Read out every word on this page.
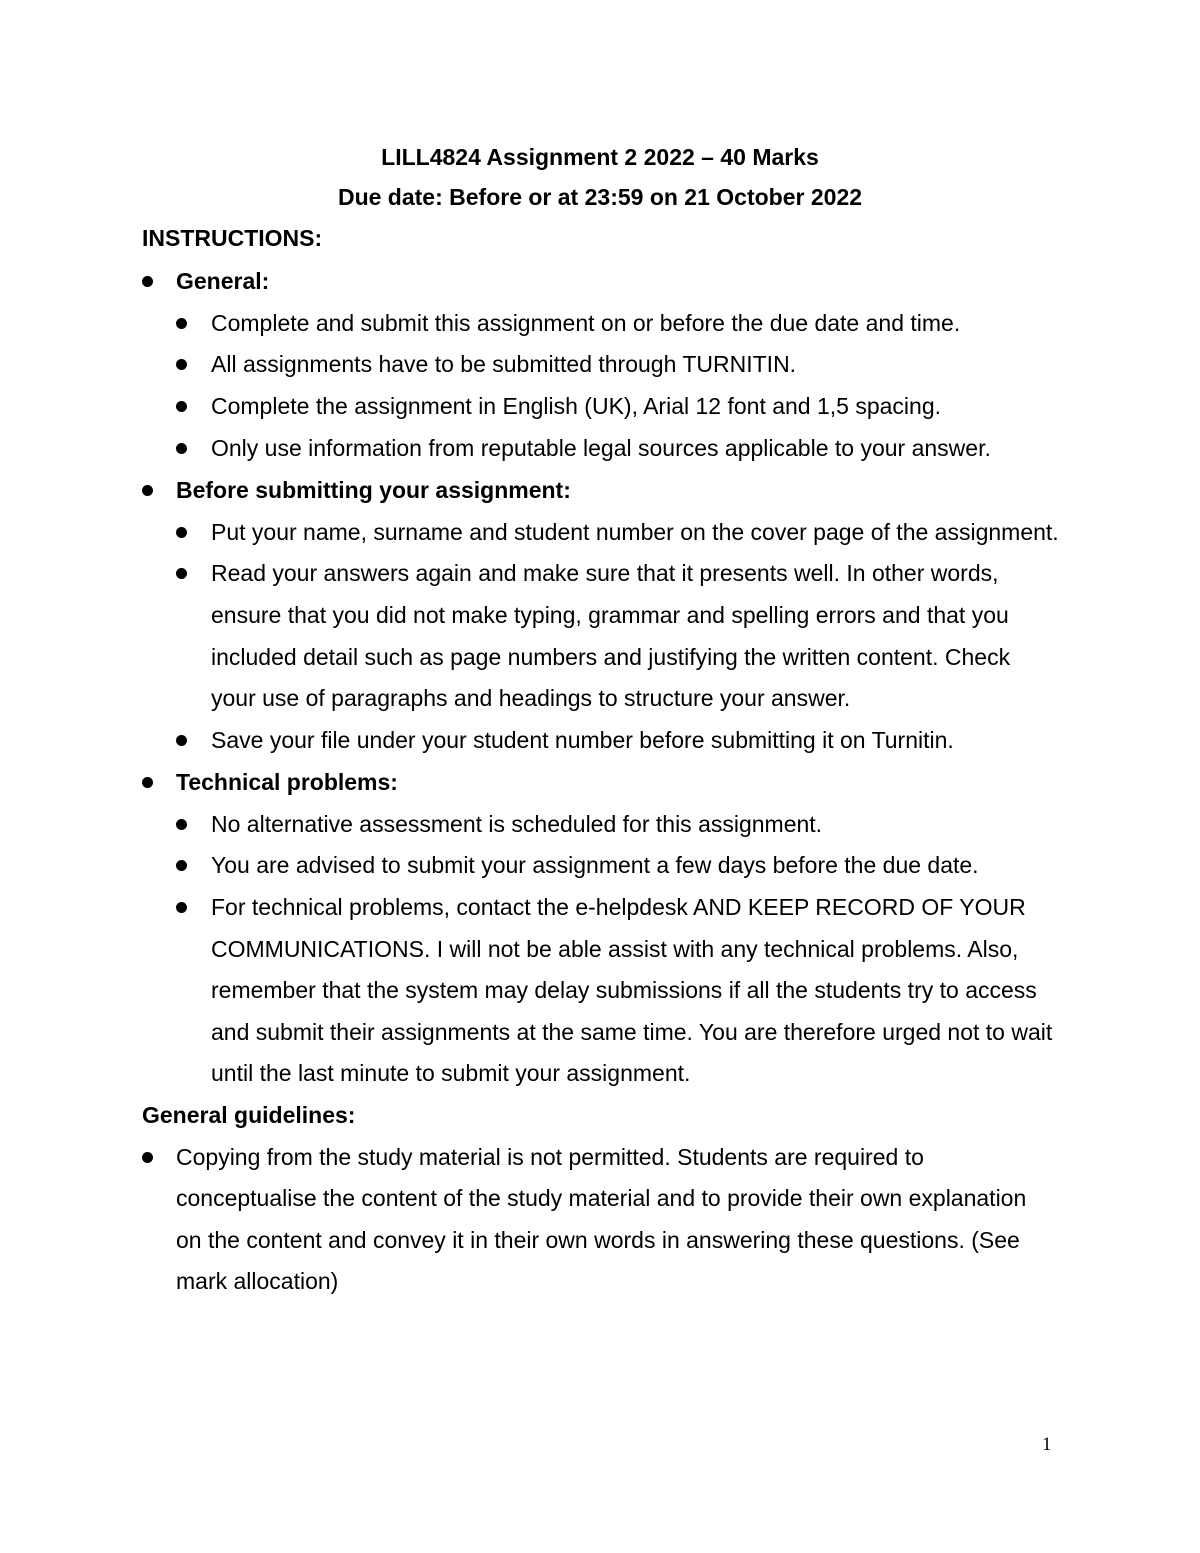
LILL4824 Assignment 2 2022 – 40 Marks
Due date: Before or at 23:59 on 21 October 2022
INSTRUCTIONS:
General:
Complete and submit this assignment on or before the due date and time.
All assignments have to be submitted through TURNITIN.
Complete the assignment in English (UK), Arial 12 font and 1,5 spacing.
Only use information from reputable legal sources applicable to your answer.
Before submitting your assignment:
Put your name, surname and student number on the cover page of the assignment.
Read your answers again and make sure that it presents well. In other words,
ensure that you did not make typing, grammar and spelling errors and that you
included detail such as page numbers and justifying the written content. Check
your use of paragraphs and headings to structure your answer.
Save your file under your student number before submitting it on Turnitin.
Technical problems:
No alternative assessment is scheduled for this assignment.
You are advised to submit your assignment a few days before the due date.
For technical problems, contact the e-helpdesk AND KEEP RECORD OF YOUR
COMMUNICATIONS. I will not be able assist with any technical problems. Also,
remember that the system may delay submissions if all the students try to access
and submit their assignments at the same time. You are therefore urged not to wait
until the last minute to submit your assignment.
General guidelines:
Copying from the study material is not permitted. Students are required to
conceptualise the content of the study material and to provide their own explanation
on the content and convey it in their own words in answering these questions. (See
mark allocation)
1
